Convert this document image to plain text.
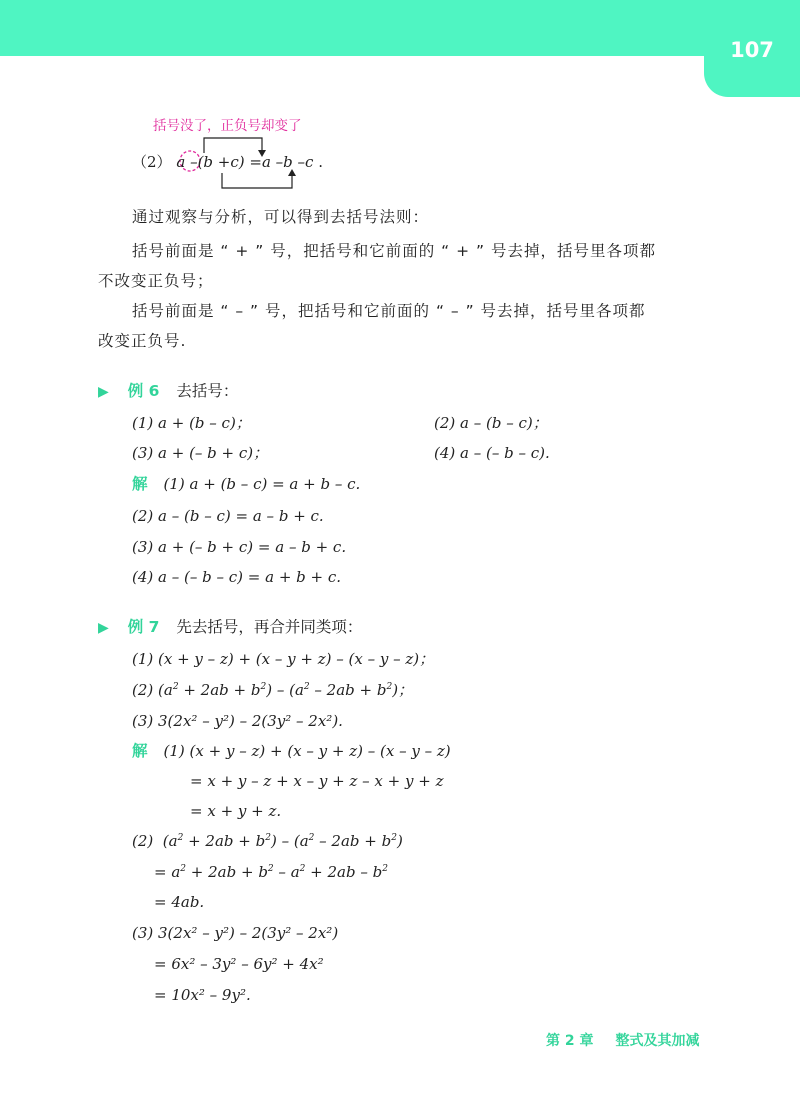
107
括号没了，正负号却变了
（2） a –(b +c) =a –b –c .
通过观察与分析，可以得到去括号法则：
括号前面是 “ + ” 号，把括号和它前面的 “ + ” 号去掉，括号里各项都
不改变正负号；
括号前面是 “ – ” 号，把括号和它前面的 “ – ” 号去掉，括号里各项都
改变正负号.
▶ 例 6 去括号：
(1) a + (b – c)；	(2) a – (b – c)；
(3) a + (– b + c)；	(4) a – (– b – c).
解 (1) a + (b – c) = a + b – c.
(2) a – (b – c) = a – b + c.
(3) a + (– b + c) = a – b + c.
(4) a – (– b – c) = a + b + c.
▶ 例 7 先去括号，再合并同类项：
(1) (x + y – z) + (x – y + z) – (x – y – z)；
(2) $(a^2 + 2ab + b^2) - (a^2 - 2ab + b^2)$；
(3) 3(2x² – y²) – 2(3y² – 2x²).
解 (1) (x + y – z) + (x – y + z) – (x – y – z)
= x + y – z + x – y + z – x + y + z
= x + y + z.
(2)  $(a^2 + 2ab + b^2) - (a^2 - 2ab + b^2)$
= $a^2 + 2ab + b^2 - a^2 + 2ab - b^2$
= 4ab.
(3) 3(2x² – y²) – 2(3y² – 2x²)
= 6x² – 3y² – 6y² + 4x²
= 10x² – 9y².
第 2 章 整式及其加减
